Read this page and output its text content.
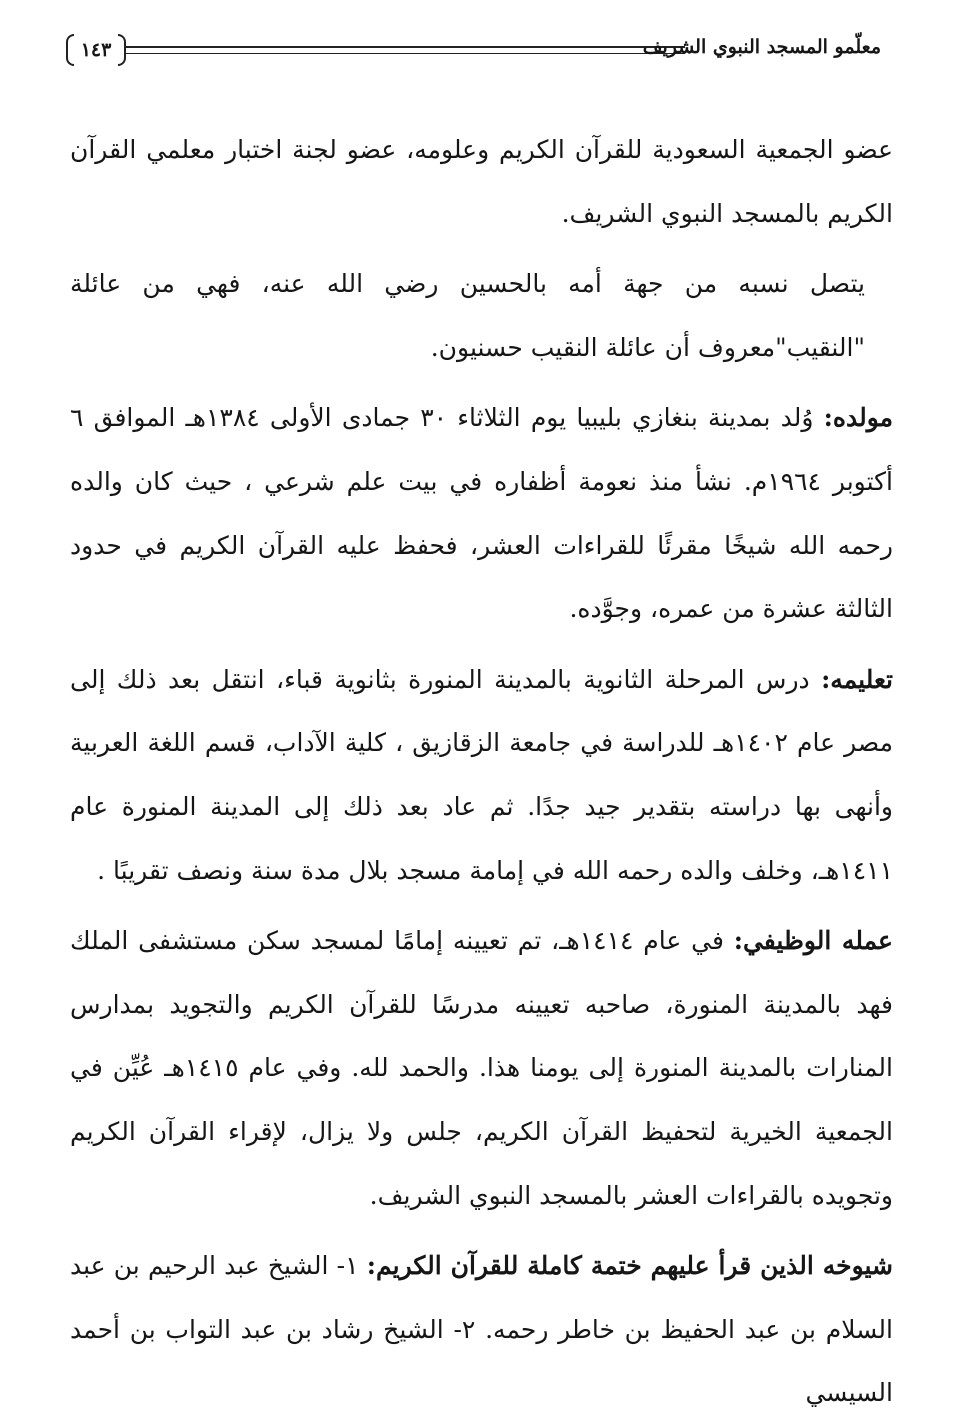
١٤٣	معلّمو المسجد النبوي الشريف

عضو الجمعية السعودية للقرآن الكريم وعلومه، عضو لجنة اختبار معلمي القرآن الكريم بالمسجد النبوي الشريف.

يتصل نسبه من جهة أمه بالحسين رضي الله عنه، فهي من عائلة "النقيب"معروف أن عائلة النقيب حسنيون.

مولده: وُلد بمدينة بنغازي بليبيا يوم الثلاثاء ٣٠ جمادى الأولى ١٣٨٤هـ الموافق ٦ أكتوبر ١٩٦٤م. نشأ منذ نعومة أظفاره في بيت علم شرعي ، حيث كان والده رحمه الله شيخًا مقرئًا للقراءات العشر، فحفظ عليه القرآن الكريم في حدود الثالثة عشرة من عمره، وجوَّده.

تعليمه: درس المرحلة الثانوية بالمدينة المنورة بثانوية قباء، انتقل بعد ذلك إلى مصر عام ١٤٠٢هـ للدراسة في جامعة الزقازيق ، كلية الآداب، قسم اللغة العربية وأنهى بها دراسته بتقدير جيد جدًا. ثم عاد بعد ذلك إلى المدينة المنورة عام ١٤١١هـ، وخلف والده رحمه الله في إمامة مسجد بلال مدة سنة ونصف تقريبًا .

عمله الوظيفي: في عام ١٤١٤هـ، تم تعيينه إمامًا لمسجد سكن مستشفى الملك فهد بالمدينة المنورة، صاحبه تعيينه مدرسًا للقرآن الكريم والتجويد بمدارس المنارات بالمدينة المنورة إلى يومنا هذا. والحمد لله. وفي عام ١٤١٥هـ عُيِّن في الجمعية الخيرية لتحفيظ القرآن الكريم، جلس ولا يزال، لإقراء القرآن الكريم وتجويده بالقراءات العشر بالمسجد النبوي الشريف.

شيوخه الذين قرأ عليهم ختمة كاملة للقرآن الكريم: ١- الشيخ عبد الرحيم بن عبد السلام بن عبد الحفيظ بن خاطر رحمه. ٢- الشيخ رشاد بن عبد التواب بن أحمد السيسي
